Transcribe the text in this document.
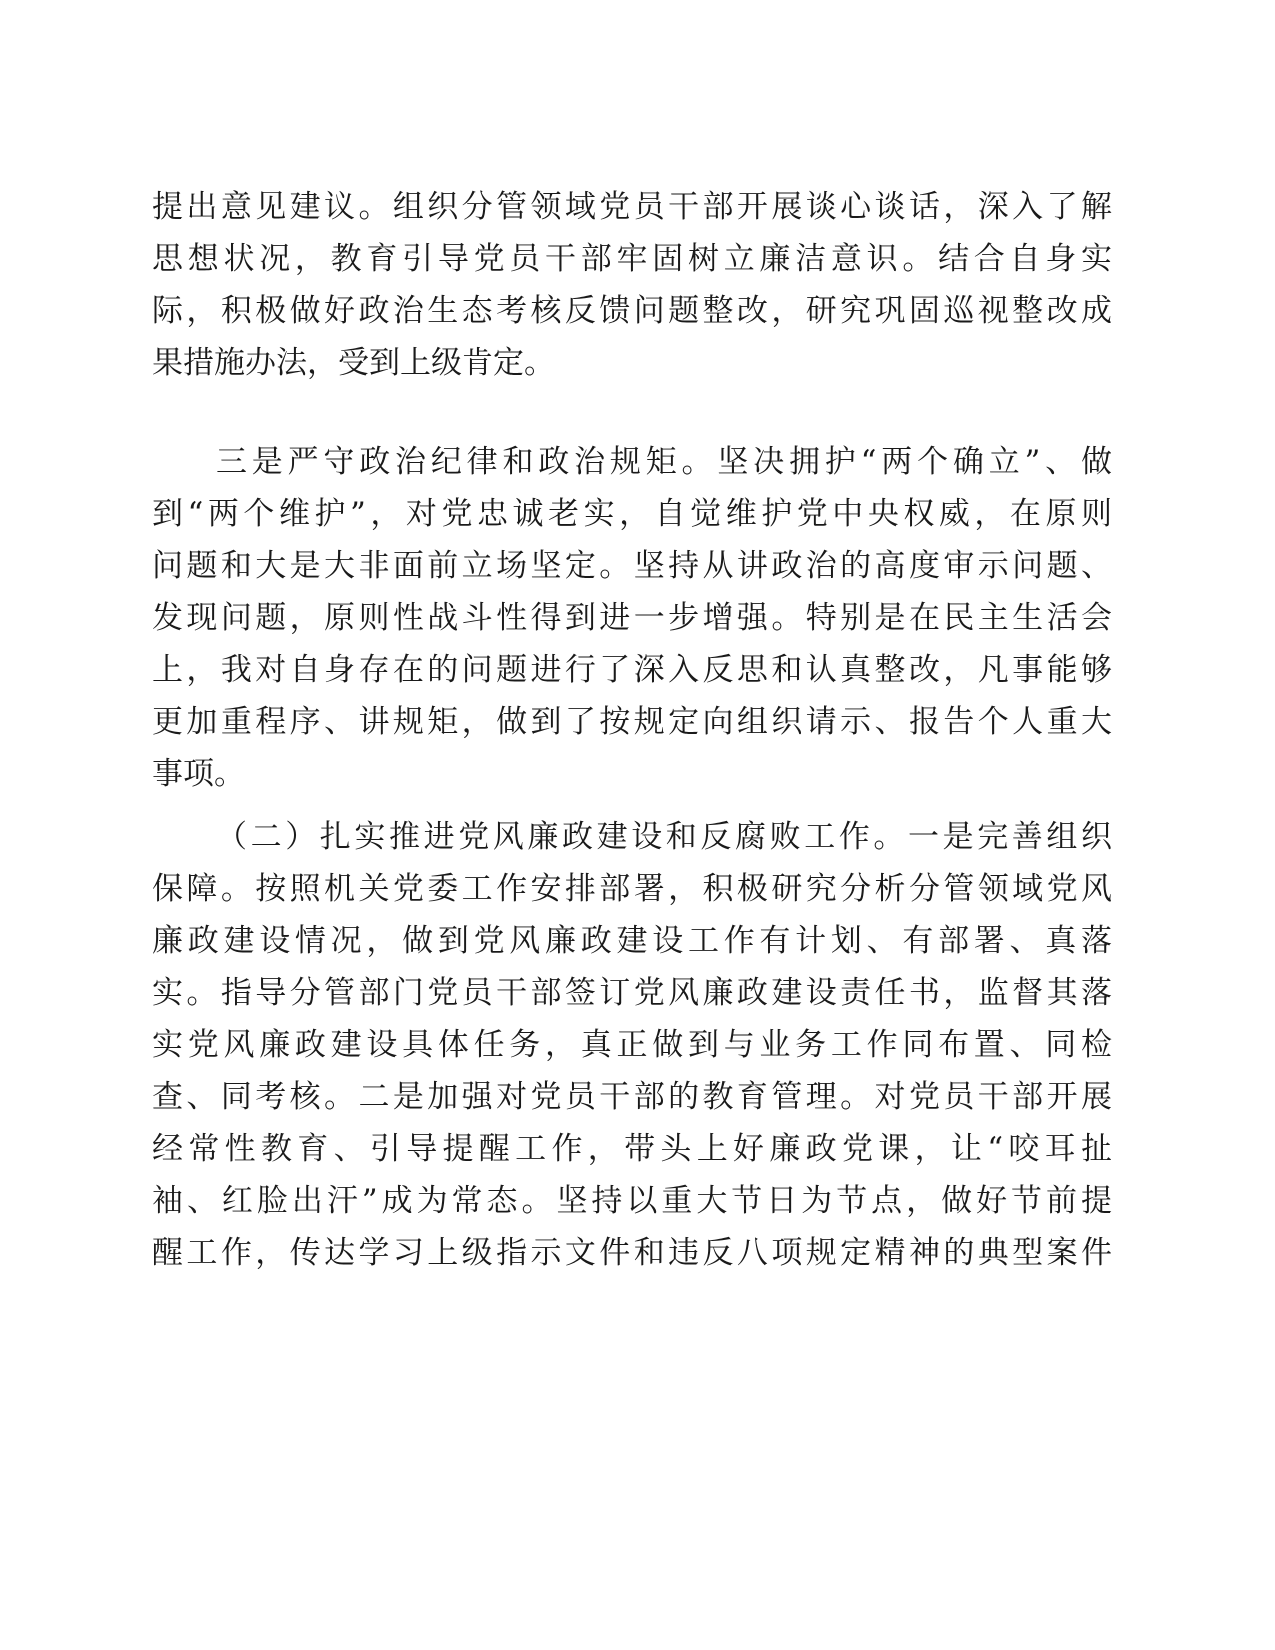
提出意见建议。组织分管领域党员干部开展谈心谈话，深入了解
思想状况，教育引导党员干部牢固树立廉洁意识。结合自身实
际，积极做好政治生态考核反馈问题整改，研究巩固巡视整改成
果措施办法，受到上级肯定。

三是严守政治纪律和政治规矩。坚决拥护“两个确立”、做
到“两个维护”，对党忠诚老实，自觉维护党中央权威，在原则
问题和大是大非面前立场坚定。坚持从讲政治的高度审示问题、
发现问题，原则性战斗性得到进一步增强。特别是在民主生活会
上，我对自身存在的问题进行了深入反思和认真整改，凡事能够
更加重程序、讲规矩，做到了按规定向组织请示、报告个人重大
事项。

（二）扎实推进党风廉政建设和反腐败工作。一是完善组织
保障。按照机关党委工作安排部署，积极研究分析分管领域党风
廉政建设情况，做到党风廉政建设工作有计划、有部署、真落
实。指导分管部门党员干部签订党风廉政建设责任书，监督其落
实党风廉政建设具体任务，真正做到与业务工作同布置、同检
查、同考核。二是加强对党员干部的教育管理。对党员干部开展
经常性教育、引导提醒工作，带头上好廉政党课，让“咬耳扯
袖、红脸出汗”成为常态。坚持以重大节日为节点，做好节前提
醒工作，传达学习上级指示文件和违反八项规定精神的典型案件
